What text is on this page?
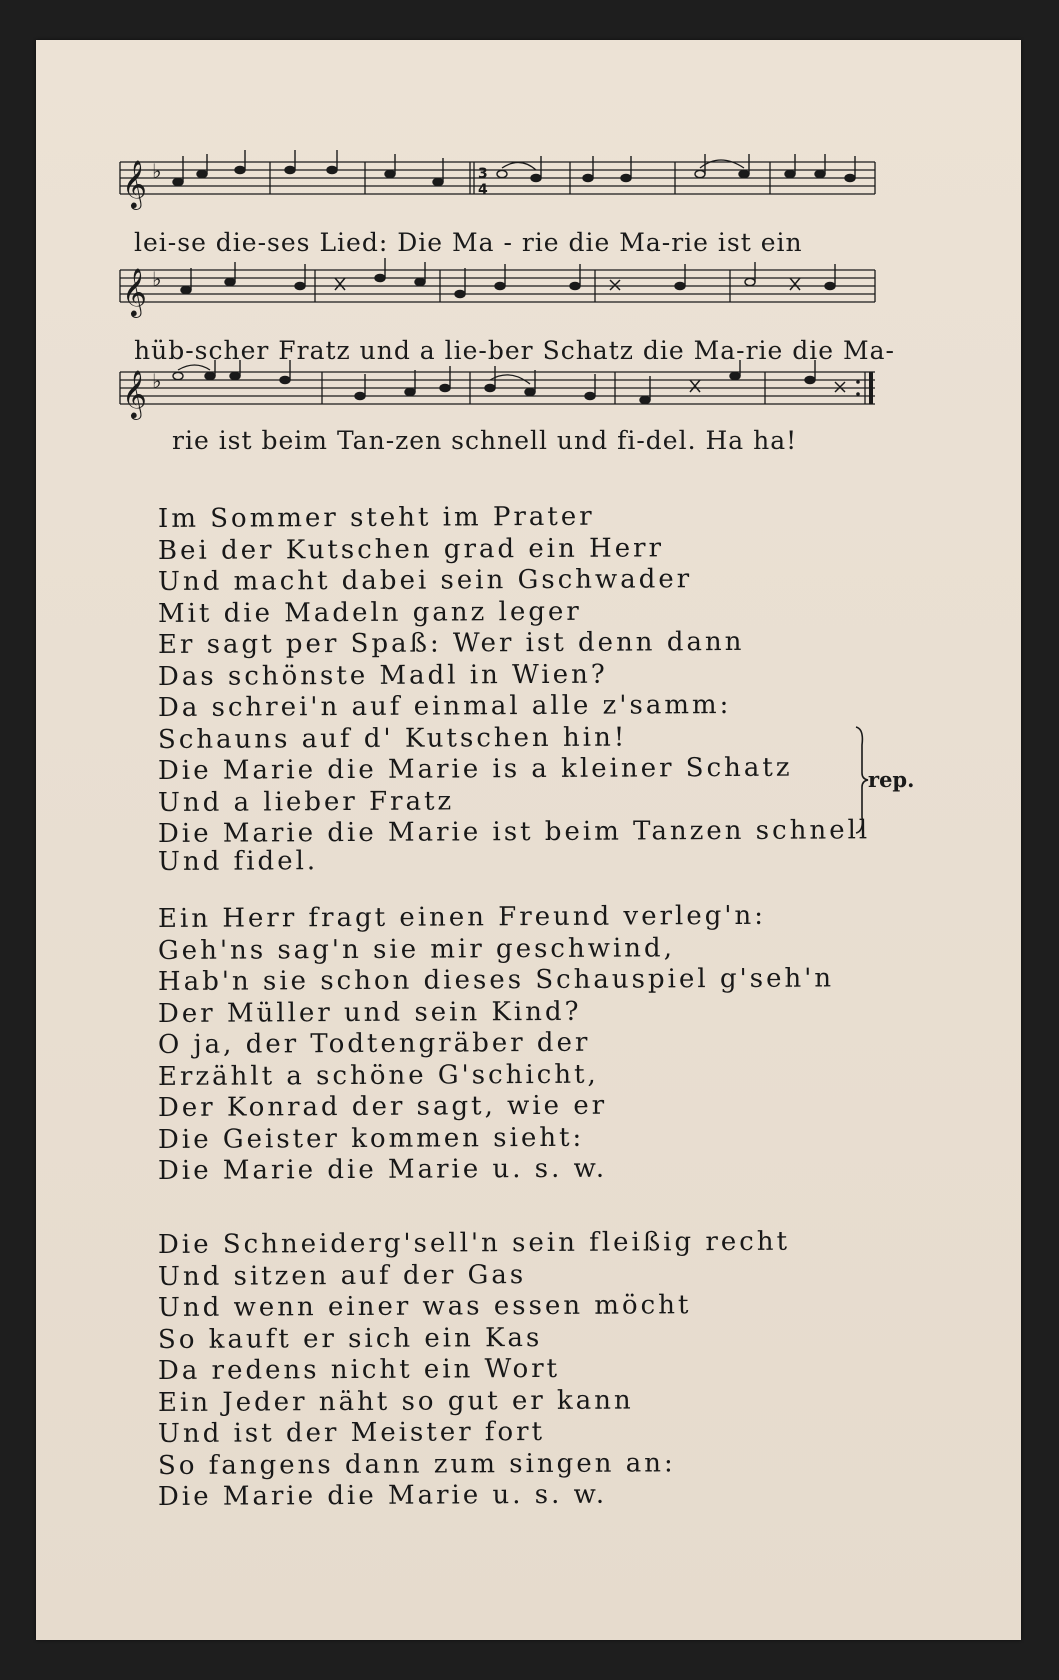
𝄞 ♭	3
4
lei-se die-ses Lied: Die Ma - rie die Ma-rie ist ein
𝄞 ♭
hüb-scher Fratz und a lie-ber Schatz die Ma-rie die Ma-
𝄞 ♭
rie ist beim Tan-zen schnell und fi-del. Ha ha!
Im Sommer steht im Prater
Bei der Kutschen grad ein Herr
Und macht dabei sein Gschwader
Mit die Madeln ganz leger
Er sagt per Spaß: Wer ist denn dann
Das schönste Madl in Wien?
Da schrei'n auf einmal alle z'samm:
Schauns auf d' Kutschen hin!
Die Marie die Marie is a kleiner Schatz
Und a lieber Fratz
Die Marie die Marie ist beim Tanzen schnell
Und fidel.
rep.
Ein Herr fragt einen Freund verleg'n:
Geh'ns sag'n sie mir geschwind,
Hab'n sie schon dieses Schauspiel g'seh'n
Der Müller und sein Kind?
O ja, der Todtengräber der
Erzählt a schöne G'schicht,
Der Konrad der sagt, wie er
Die Geister kommen sieht:
Die Marie die Marie u. s. w.
Die Schneiderg'sell'n sein fleißig recht
Und sitzen auf der Gas
Und wenn einer was essen möcht
So kauft er sich ein Kas
Da redens nicht ein Wort
Ein Jeder näht so gut er kann
Und ist der Meister fort
So fangens dann zum singen an:
Die Marie die Marie u. s. w.
